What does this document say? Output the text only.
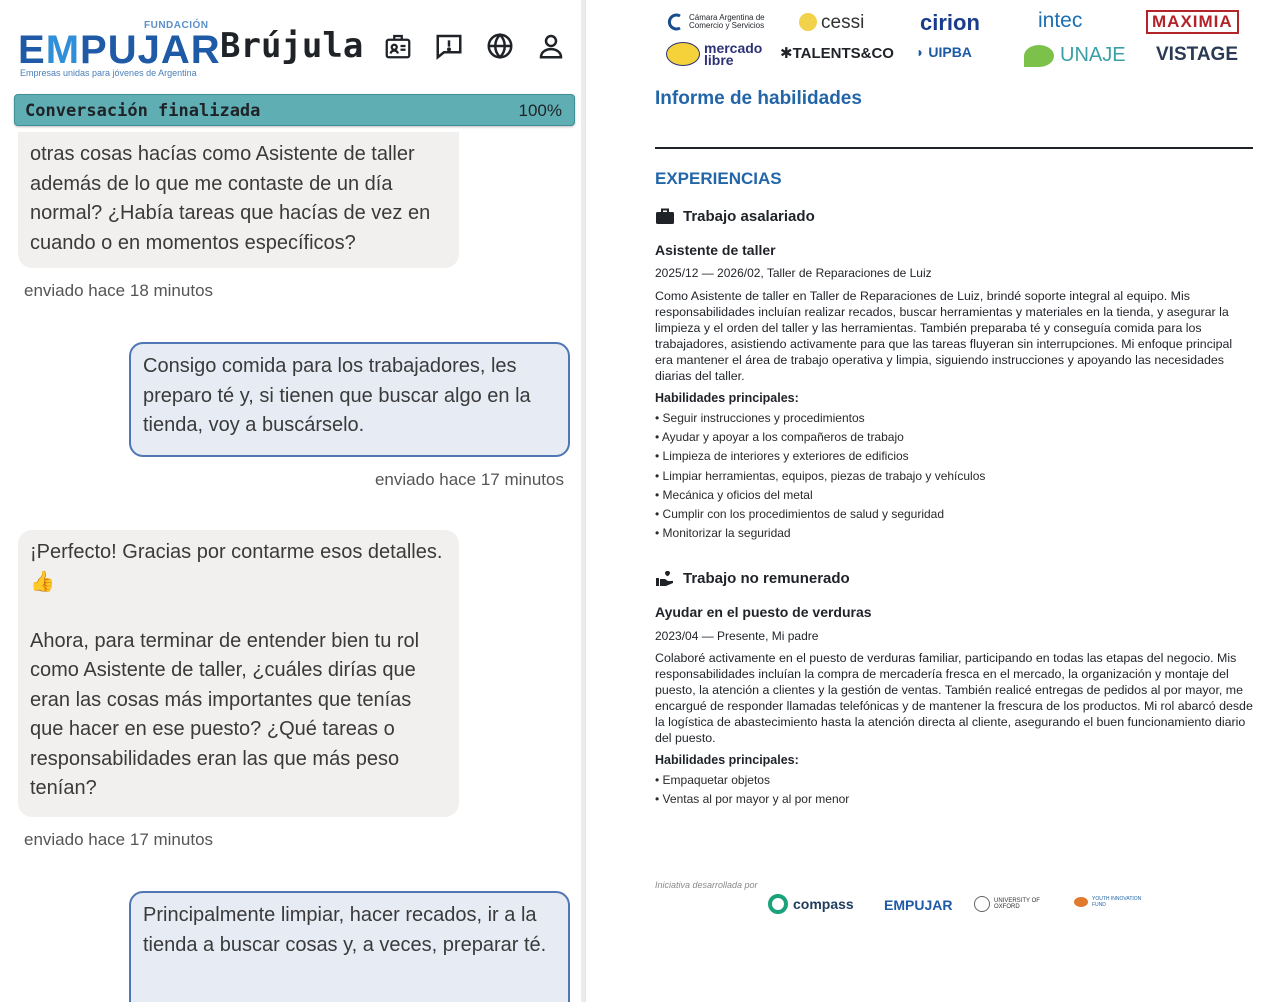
FUNDACIÓN
EMPUJAR
Empresas unidas para jóvenes de Argentina
Brújula
Conversación finalizada	100%

otras cosas hacías como Asistente de taller además de lo que me contaste de un día normal? ¿Había tareas que hacías de vez en cuando o en momentos específicos?

enviado hace 18 minutos

Consigo comida para los trabajadores, les preparo té y, si tienen que buscar algo en la tienda, voy a buscárselo.

enviado hace 17 minutos

¡Perfecto! Gracias por contarme esos detalles. 👍

Ahora, para terminar de entender bien tu rol como Asistente de taller, ¿cuáles dirías que eran las cosas más importantes que tenías que hacer en ese puesto? ¿Qué tareas o responsabilidades eran las que más peso tenían?

enviado hace 17 minutos

Principalmente limpiar, hacer recados, ir a la tienda a buscar cosas y, a veces, preparar té.

Cámara Argentina de Comercio y Servicios	cessi	cirion	intec	MAXIMIA
mercado libre	✱TALENTS&CO ◗ UIPBA	UNAJE VISTAGE
Informe de habilidades
EXPERIENCIAS
Trabajo asalariado
Asistente de taller
2025/12 — 2026/02, Taller de Reparaciones de Luiz
Como Asistente de taller en Taller de Reparaciones de Luiz, brindé soporte integral al equipo. Mis responsabilidades incluían realizar recados, buscar herramientas y materiales en la tienda, y asegurar la limpieza y el orden del taller y las herramientas. También preparaba té y conseguía comida para los trabajadores, asistiendo activamente para que las tareas fluyeran sin interrupciones. Mi enfoque principal era mantener el área de trabajo operativa y limpia, siguiendo instrucciones y apoyando las necesidades diarias del taller.
Habilidades principales:
• Seguir instrucciones y procedimientos
• Ayudar y apoyar a los compañeros de trabajo
• Limpieza de interiores y exteriores de edificios
• Limpiar herramientas, equipos, piezas de trabajo y vehículos
• Mecánica y oficios del metal
• Cumplir con los procedimientos de salud y seguridad
• Monitorizar la seguridad
Trabajo no remunerado
Ayudar en el puesto de verduras
2023/04 — Presente, Mi padre
Colaboré activamente en el puesto de verduras familiar, participando en todas las etapas del negocio. Mis responsabilidades incluían la compra de mercadería fresca en el mercado, la organización y montaje del puesto, la atención a clientes y la gestión de ventas. También realicé entregas de pedidos al por mayor, me encargué de responder llamadas telefónicas y de mantener la frescura de los productos. Mi rol abarcó desde la logística de abastecimiento hasta la atención directa al cliente, asegurando el buen funcionamiento diario del puesto.
Habilidades principales:
• Empaquetar objetos
• Ventas al por mayor y al por menor
Iniciativa desarrollada por
compass EMPUJAR	UNIVERSITY OF OXFORD
YOUTH INNOVATION FUND
